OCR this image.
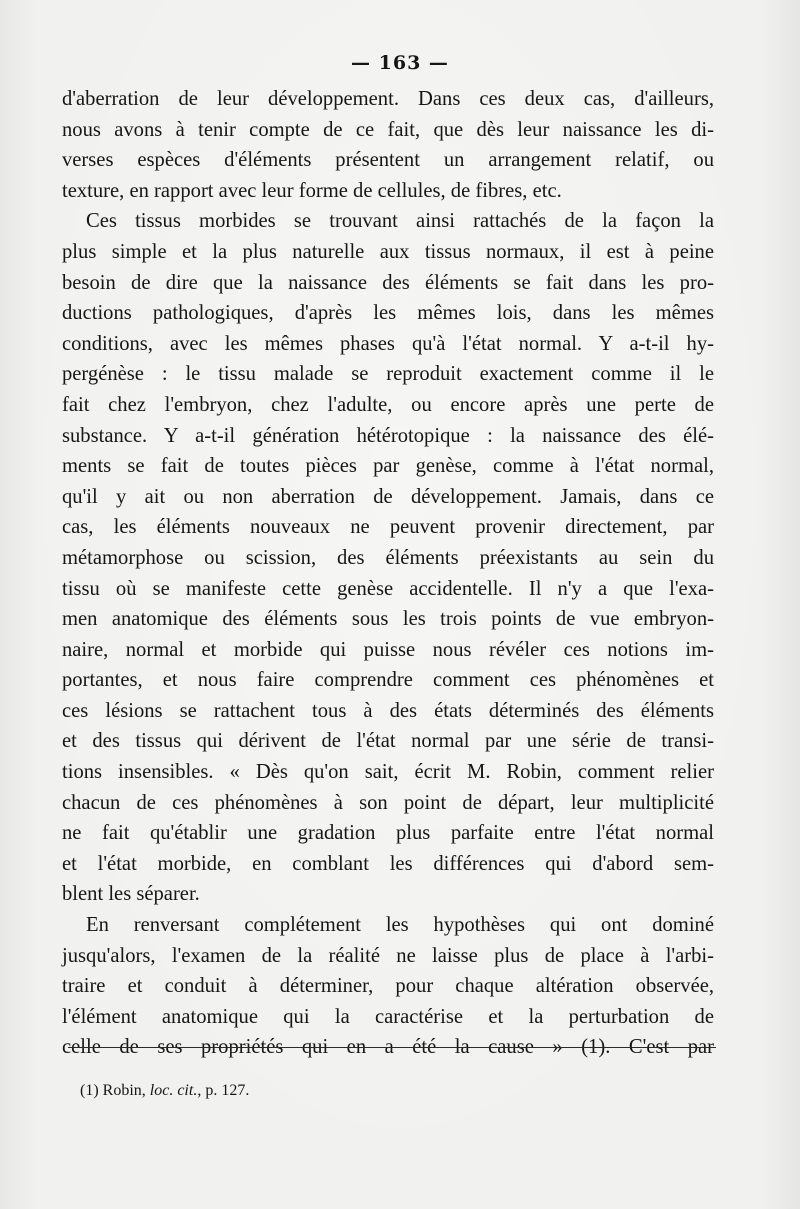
— 163 —
d'aberration de leur développement. Dans ces deux cas, d'ailleurs,
nous avons à tenir compte de ce fait, que dès leur naissance les di-
verses espèces d'éléments présentent un arrangement relatif, ou
texture, en rapport avec leur forme de cellules, de fibres, etc.
Ces tissus morbides se trouvant ainsi rattachés de la façon la
plus simple et la plus naturelle aux tissus normaux, il est à peine
besoin de dire que la naissance des éléments se fait dans les pro-
ductions pathologiques, d'après les mêmes lois, dans les mêmes
conditions, avec les mêmes phases qu'à l'état normal. Y a-t-il hy-
pergénèse : le tissu malade se reproduit exactement comme il le
fait chez l'embryon, chez l'adulte, ou encore après une perte de
substance. Y a-t-il génération hétérotopique : la naissance des élé-
ments se fait de toutes pièces par genèse, comme à l'état normal,
qu'il y ait ou non aberration de développement. Jamais, dans ce
cas, les éléments nouveaux ne peuvent provenir directement, par
métamorphose ou scission, des éléments préexistants au sein du
tissu où se manifeste cette genèse accidentelle. Il n'y a que l'exa-
men anatomique des éléments sous les trois points de vue embryon-
naire, normal et morbide qui puisse nous révéler ces notions im-
portantes, et nous faire comprendre comment ces phénomènes et
ces lésions se rattachent tous à des états déterminés des éléments
et des tissus qui dérivent de l'état normal par une série de transi-
tions insensibles. « Dès qu'on sait, écrit M. Robin, comment relier
chacun de ces phénomènes à son point de départ, leur multiplicité
ne fait qu'établir une gradation plus parfaite entre l'état normal
et l'état morbide, en comblant les différences qui d'abord sem-
blent les séparer.
En renversant complétement les hypothèses qui ont dominé
jusqu'alors, l'examen de la réalité ne laisse plus de place à l'arbi-
traire et conduit à déterminer, pour chaque altération observée,
l'élément anatomique qui la caractérise et la perturbation de
celle de ses propriétés qui en a été la cause » (1). C'est par
(1) Robin, loc. cit., p. 127.
